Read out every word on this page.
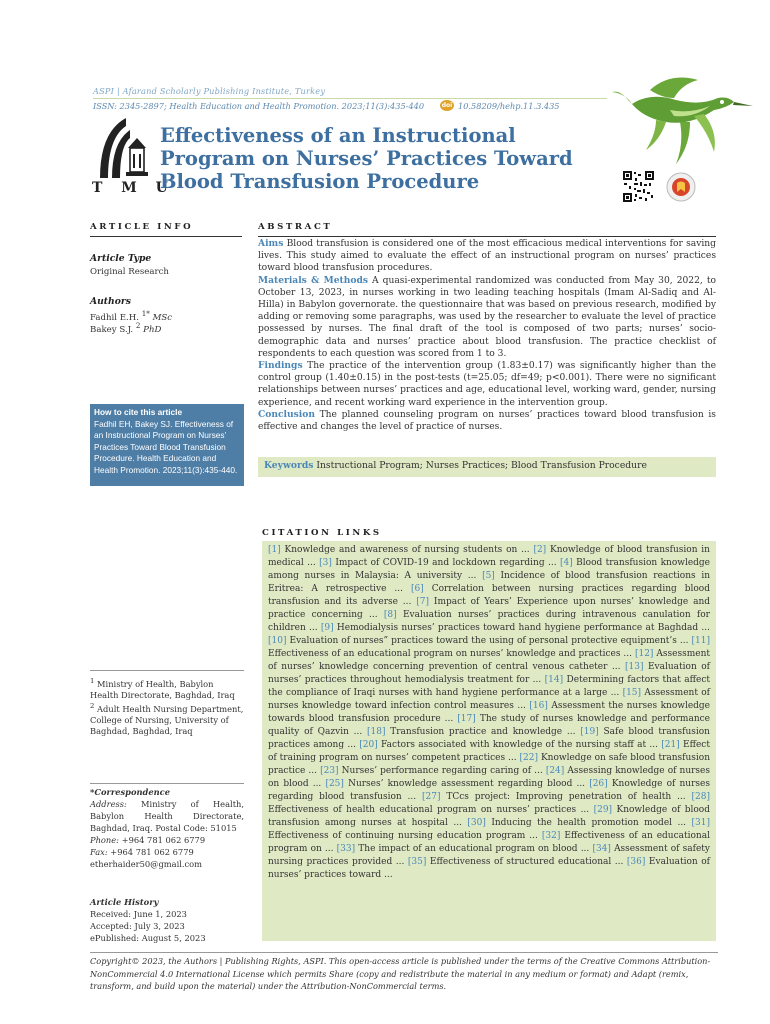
ASPI | Afarand Scholarly Publishing Institute, Turkey
ISSN: 2345-2897; Health Education and Health Promotion. 2023;11(3):435-440	doi 10.58209/hehp.11.3.435
T M U
Effectiveness of an Instructional Program on Nurses’ Practices Toward Blood Transfusion Procedure
ARTICLE INFO
Article Type
Original Research
Authors
Fadhil E.H. $^{1*}$ MSc
Bakey S.J. $^2$ PhD
How to cite this article
Fadhil EH, Bakey SJ. Effectiveness of an Instructional Program on Nurses’ Practices Toward Blood Transfusion Procedure. Health Education and Health Promotion. 2023;11(3):435-440.
$^1$ Ministry of Health, Babylon Health Directorate, Baghdad, Iraq
$^2$ Adult Health Nursing Department, College of Nursing, University of Baghdad, Baghdad, Iraq
*Correspondence
Address: Ministry of Health, Babylon Health Directorate, Baghdad, Iraq. Postal Code: 51015
Phone: +964 781 062 6779
Fax: +964 781 062 6779
etherhaider50@gmail.com
Article History
Received: June 1, 2023
Accepted: July 3, 2023
ePublished: August 5, 2023
ABSTRACT
Aims Blood transfusion is considered one of the most efficacious medical interventions for saving lives. This study aimed to evaluate the effect of an instructional program on nurses’ practices toward blood transfusion procedures.
Materials & Methods A quasi-experimental randomized was conducted from May 30, 2022, to October 13, 2023, in nurses working in two leading teaching hospitals (Imam Al-Sadiq and Al-Hilla) in Babylon governorate. the questionnaire that was based on previous research, modified by adding or removing some paragraphs, was used by the researcher to evaluate the level of practice possessed by nurses. The final draft of the tool is composed of two parts; nurses’ socio-demographic data and nurses’ practice about blood transfusion. The practice checklist of respondents to each question was scored from 1 to 3.
Findings The practice of the intervention group (1.83±0.17) was significantly higher than the control group (1.40±0.15) in the post-tests (t=25.05; df=49; p<0.001). There were no significant relationships between nurses’ practices and age, educational level, working ward, gender, nursing experience, and recent working ward experience in the intervention group.
Conclusion The planned counseling program on nurses’ practices toward blood transfusion is effective and changes the level of practice of nurses.
Keywords Instructional Program; Nurses Practices; Blood Transfusion Procedure
CITATION LINKS
[1] Knowledge and awareness of nursing students on ... [2] Knowledge of blood transfusion in medical ... [3] Impact of COVID-19 and lockdown regarding ... [4] Blood transfusion knowledge among nurses in Malaysia: A university ... [5] Incidence of blood transfusion reactions in Eritrea: A retrospective ... [6] Correlation between nursing practices regarding blood transfusion and its adverse ... [7] Impact of Years’ Experience upon nurses’ knowledge and practice concerning ... [8] Evaluation nurses’ practices during intravenous canulation for children ... [9] Hemodialysis nurses’ practices toward hand hygiene performance at Baghdad ... [10] Evaluation of nurses” practices toward the using of personal protective equipment’s ... [11] Effectiveness of an educational program on nurses’ knowledge and practices ... [12] Assessment of nurses’ knowledge concerning prevention of central venous catheter ... [13] Evaluation of nurses’ practices throughout hemodialysis treatment for ... [14] Determining factors that affect the compliance of Iraqi nurses with hand hygiene performance at a large ... [15] Assessment of nurses knowledge toward infection control measures ... [16] Assessment the nurses knowledge towards blood transfusion procedure ... [17] The study of nurses knowledge and performance quality of Qazvin ... [18] Transfusion practice and knowledge ... [19] Safe blood transfusion practices among ... [20] Factors associated with knowledge of the nursing staff at ... [21] Effect of training program on nurses’ competent practices ... [22] Knowledge on safe blood transfusion practice ... [23] Nurses’ performance regarding caring of ... [24] Assessing knowledge of nurses on blood ... [25] Nurses’ knowledge assessment regarding blood ... [26] Knowledge of nurses regarding blood transfusion ... [27] TCcs project: Improving penetration of health ... [28] Effectiveness of health educational program on nurses’ practices ... [29] Knowledge of blood transfusion among nurses at hospital ... [30] Inducing the health promotion model ... [31] Effectiveness of continuing nursing education program ... [32] Effectiveness of an educational program on ... [33] The impact of an educational program on blood ... [34] Assessment of safety nursing practices provided ... [35] Effectiveness of structured educational ... [36] Evaluation of nurses’ practices toward ...
Copyright© 2023, the Authors | Publishing Rights, ASPI. This open-access article is published under the terms of the Creative Commons Attribution-NonCommercial 4.0 International License which permits Share (copy and redistribute the material in any medium or format) and Adapt (remix, transform, and build upon the material) under the Attribution-NonCommercial terms.
